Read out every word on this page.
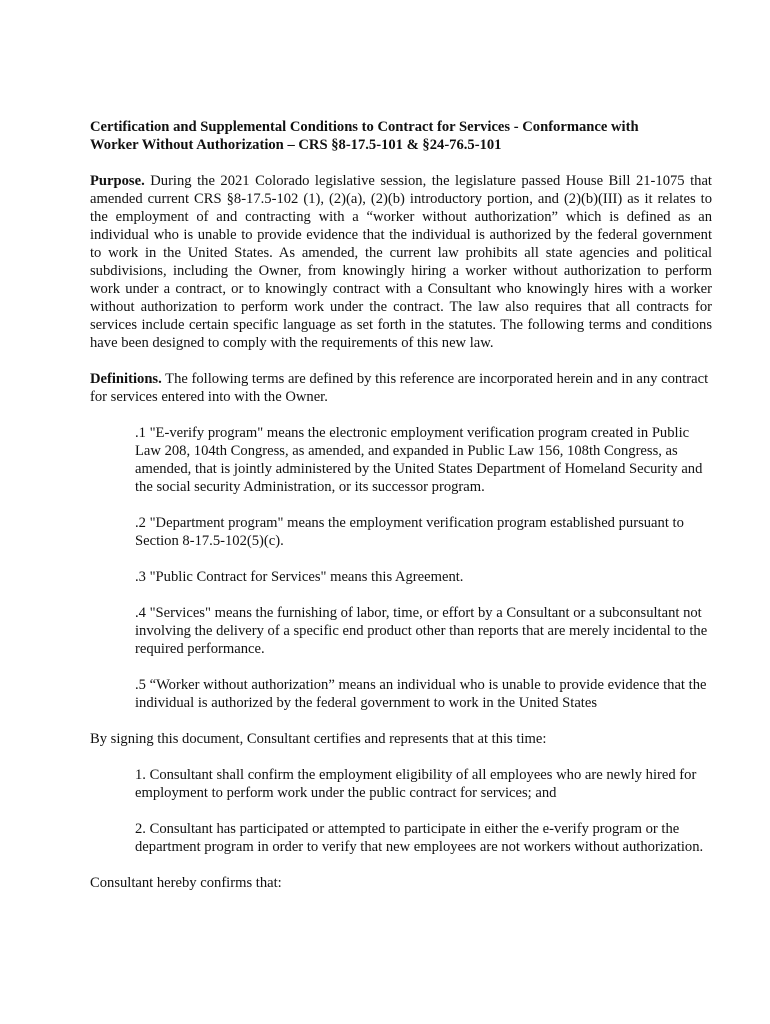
Certification and Supplemental Conditions to Contract for Services - Conformance with
Worker Without Authorization – CRS §8-17.5-101 & §24-76.5-101

Purpose. During the 2021 Colorado legislative session, the legislature passed House Bill 21-1075 that amended current CRS §8-17.5-102 (1), (2)(a), (2)(b) introductory portion, and (2)(b)(III) as it relates to the employment of and contracting with a “worker without authorization” which is defined as an individual who is unable to provide evidence that the individual is authorized by the federal government to work in the United States. As amended, the current law prohibits all state agencies and political subdivisions, including the Owner, from knowingly hiring a worker without authorization to perform work under a contract, or to knowingly contract with a Consultant who knowingly hires with a worker without authorization to perform work under the contract. The law also requires that all contracts for services include certain specific language as set forth in the statutes. The following terms and conditions have been designed to comply with the requirements of this new law.

Definitions. The following terms are defined by this reference are incorporated herein and in any contract for services entered into with the Owner.

.1 "E-verify program" means the electronic employment verification program created in Public Law 208, 104th Congress, as amended, and expanded in Public Law 156, 108th Congress, as amended, that is jointly administered by the United States Department of Homeland Security and the social security Administration, or its successor program.

.2 "Department program" means the employment verification program established pursuant to Section 8-17.5-102(5)(c).

.3 "Public Contract for Services" means this Agreement.

.4 "Services" means the furnishing of labor, time, or effort by a Consultant or a subconsultant not involving the delivery of a specific end product other than reports that are merely incidental to the required performance.

.5 “Worker without authorization” means an individual who is unable to provide evidence that the individual is authorized by the federal government to work in the United States

By signing this document, Consultant certifies and represents that at this time:

1. Consultant shall confirm the employment eligibility of all employees who are newly hired for employment to perform work under the public contract for services; and

2. Consultant has participated or attempted to participate in either the e-verify program or the department program in order to verify that new employees are not workers without authorization.

Consultant hereby confirms that:
